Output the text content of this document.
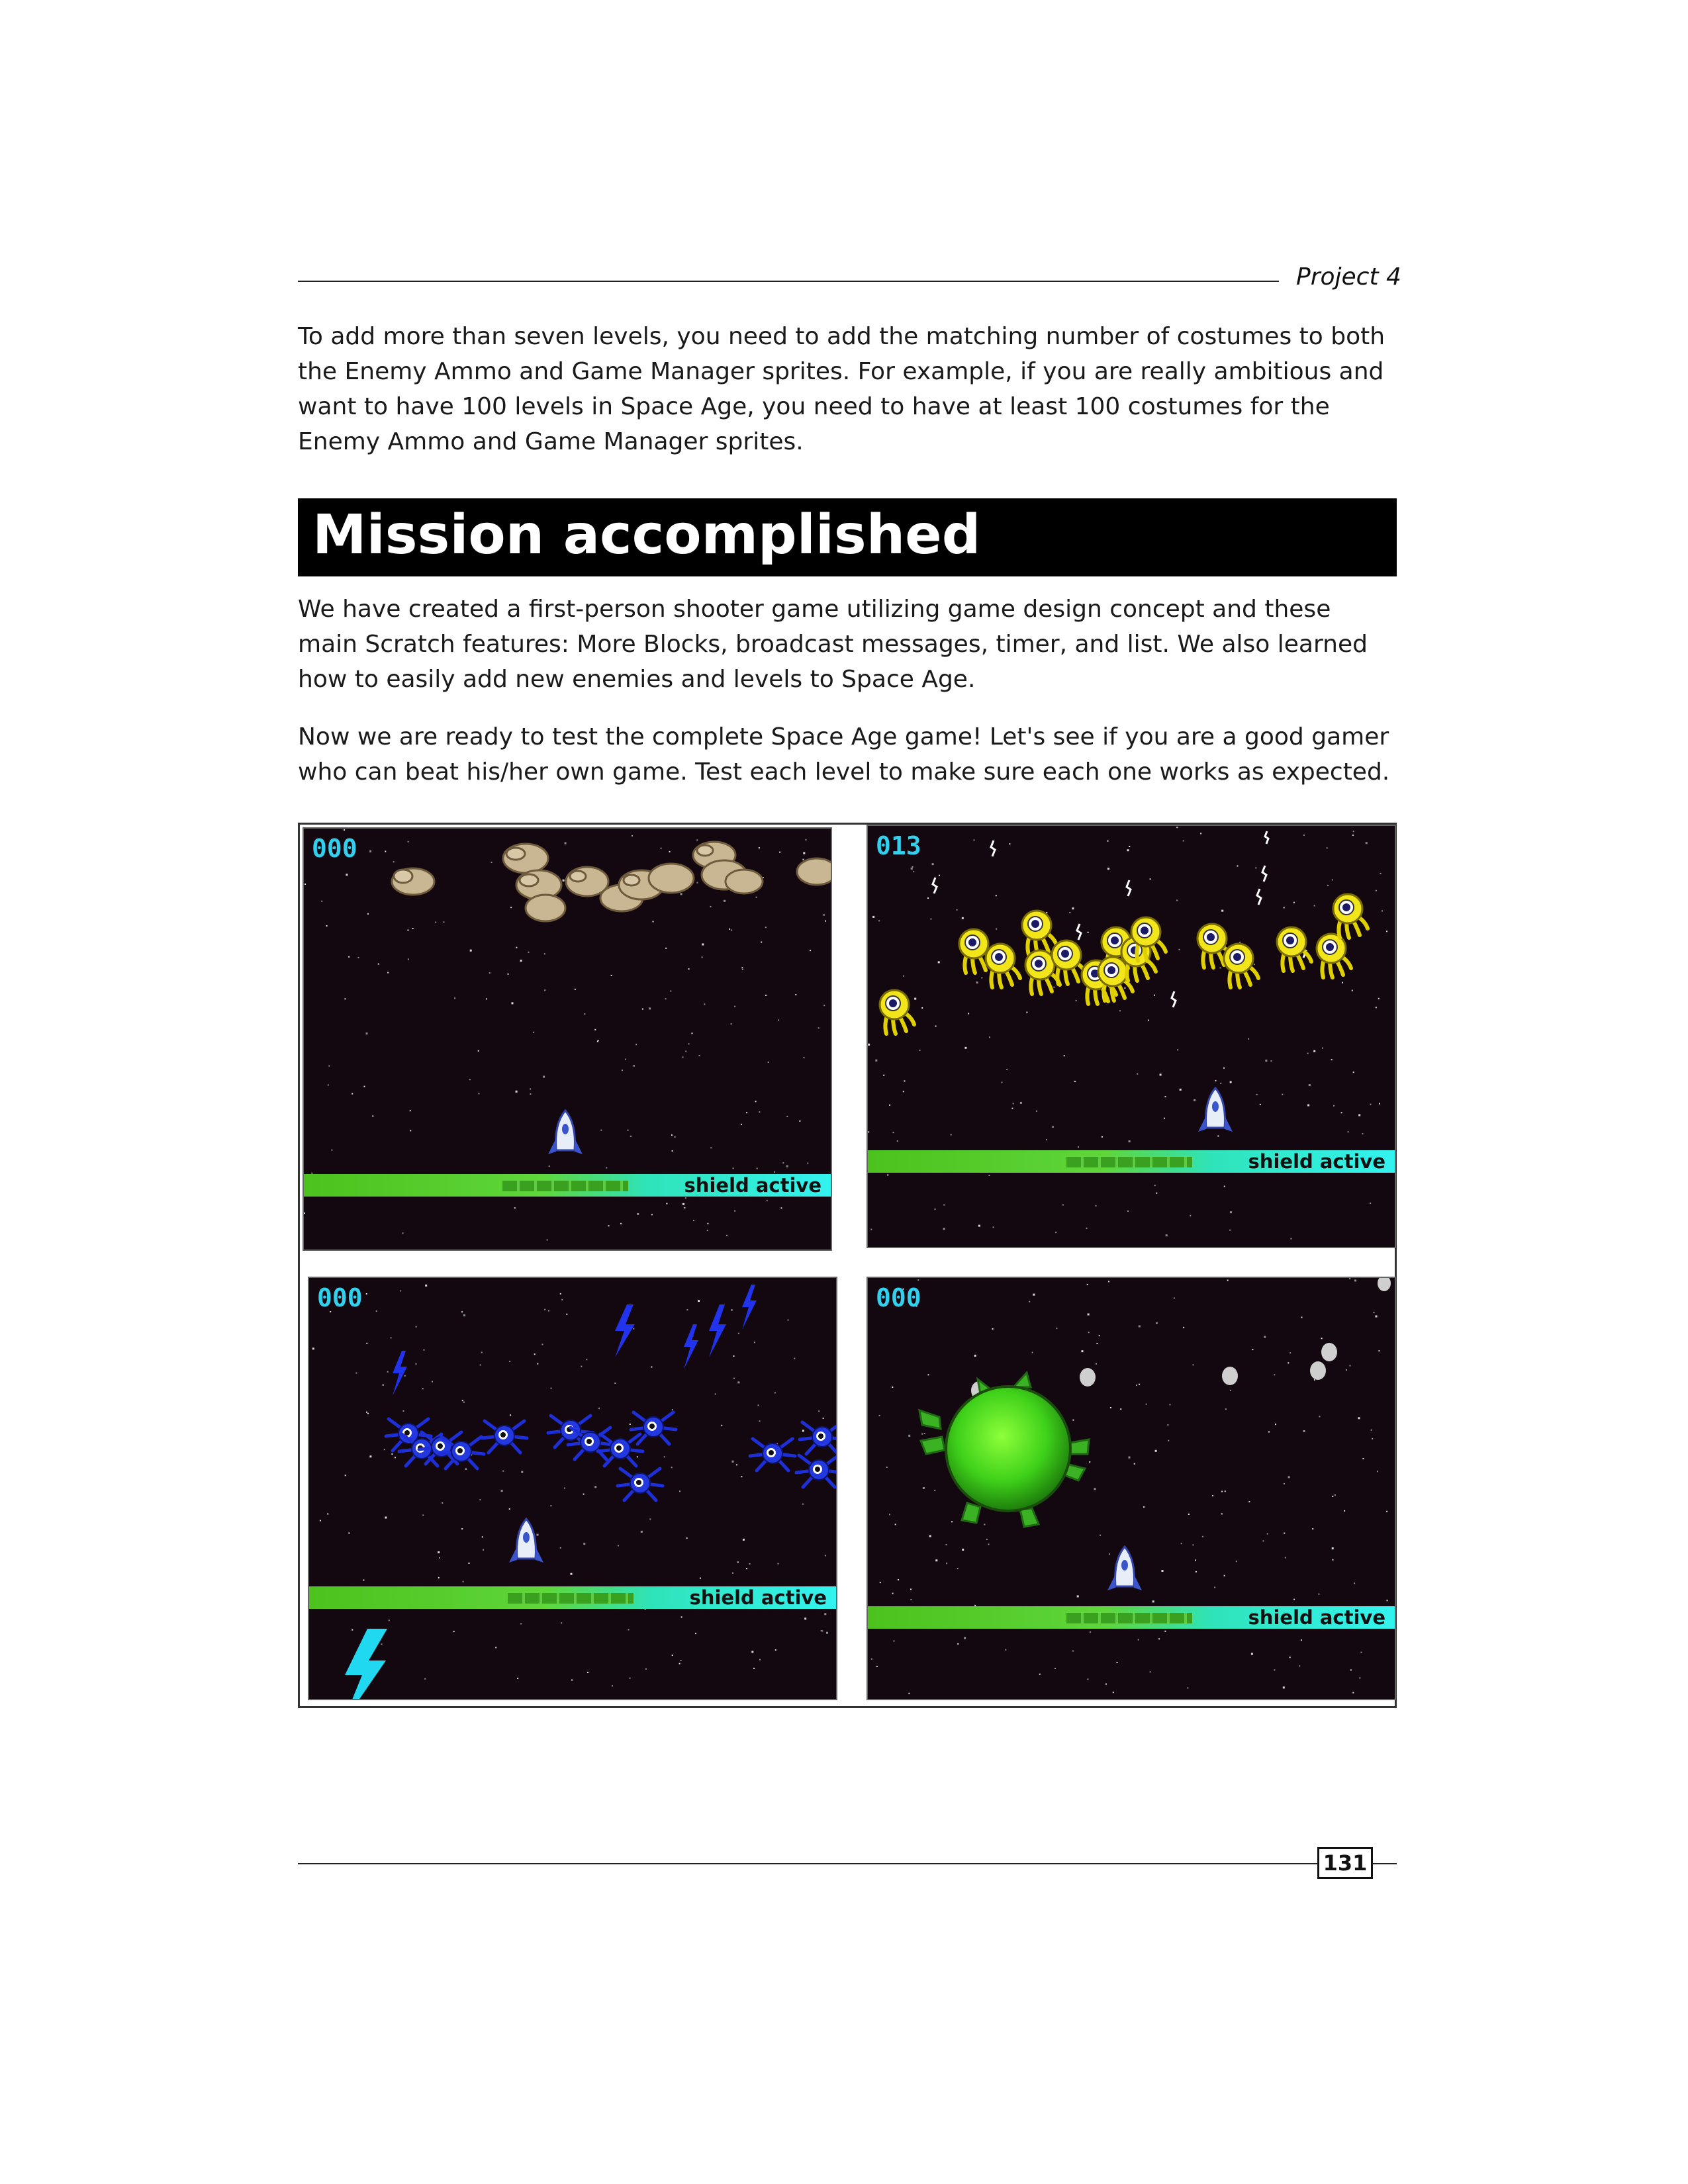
Project 4

To add more than seven levels, you need to add the matching number of costumes to both the Enemy Ammo and Game Manager sprites. For example, if you are really ambitious and want to have 100 levels in Space Age, you need to have at least 100 costumes for the Enemy Ammo and Game Manager sprites.

Mission accomplished

We have created a first-person shooter game utilizing game design concept and these main Scratch features: More Blocks, broadcast messages, timer, and list. We also learned how to easily add new enemies and levels to Space Age.

Now we are ready to test the complete Space Age game! Let's see if you are a good gamer who can beat his/her own game. Test each level to make sure each one works as expected.

000
shield active
013
shield active
000
shield active
000
shield active
131
